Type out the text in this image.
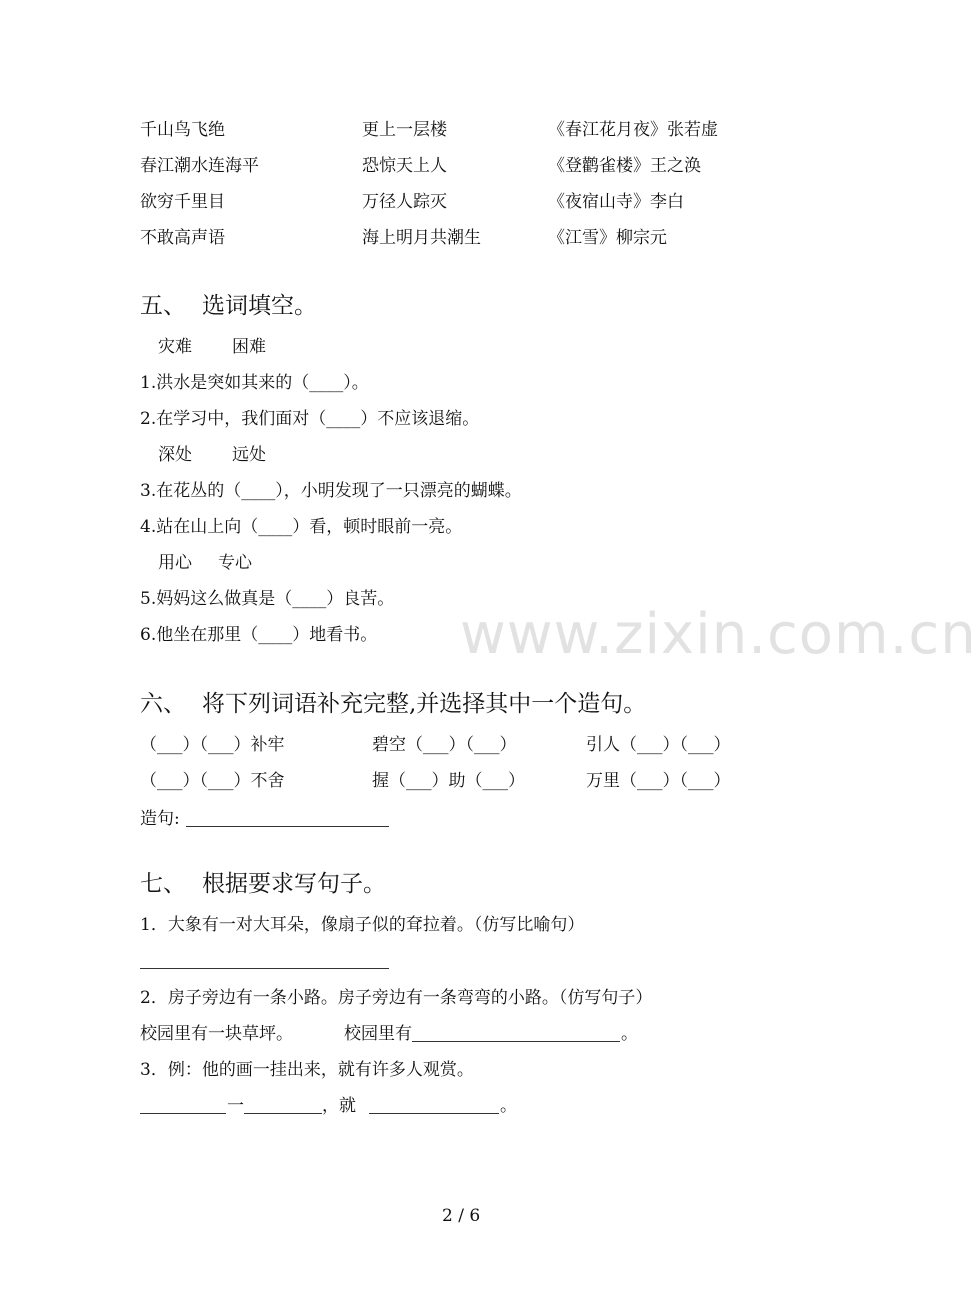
www.zixin.com.cn
千山鸟飞绝	更上一层楼	《春江花月夜》张若虚
春江潮水连海平	恐惊天上人	《登鹳雀楼》王之涣
欲穷千里目	万径人踪灭	《夜宿山寺》李白
不敢高声语	海上明月共潮生	《江雪》柳宗元
五、 选词填空。
灾难 困难
1.洪水是突如其来的（____）。
2.在学习中，我们面对（____）不应该退缩。
深处 远处
3.在花丛的（____），小明发现了一只漂亮的蝴蝶。
4.站在山上向（____）看，顿时眼前一亮。
用心 专心
5.妈妈这么做真是（____）良苦。
6.他坐在那里（____）地看书。
六、 将下列词语补充完整,并选择其中一个造句。
（___）（___）补牢	碧空（___）（___）	引人（___）（___）
（___）（___）不舍	握（___）助（___）	万里（___）（___）
造句:
七、 根据要求写句子。
1．大象有一对大耳朵，像扇子似的耷拉着。（仿写比喻句）
2．房子旁边有一条小路。房子旁边有一条弯弯的小路。（仿写句子）
校园里有一块草坪。	校园里有	。
3．例：他的画一挂出来，就有许多人观赏。
一	，就	。
2 / 6
